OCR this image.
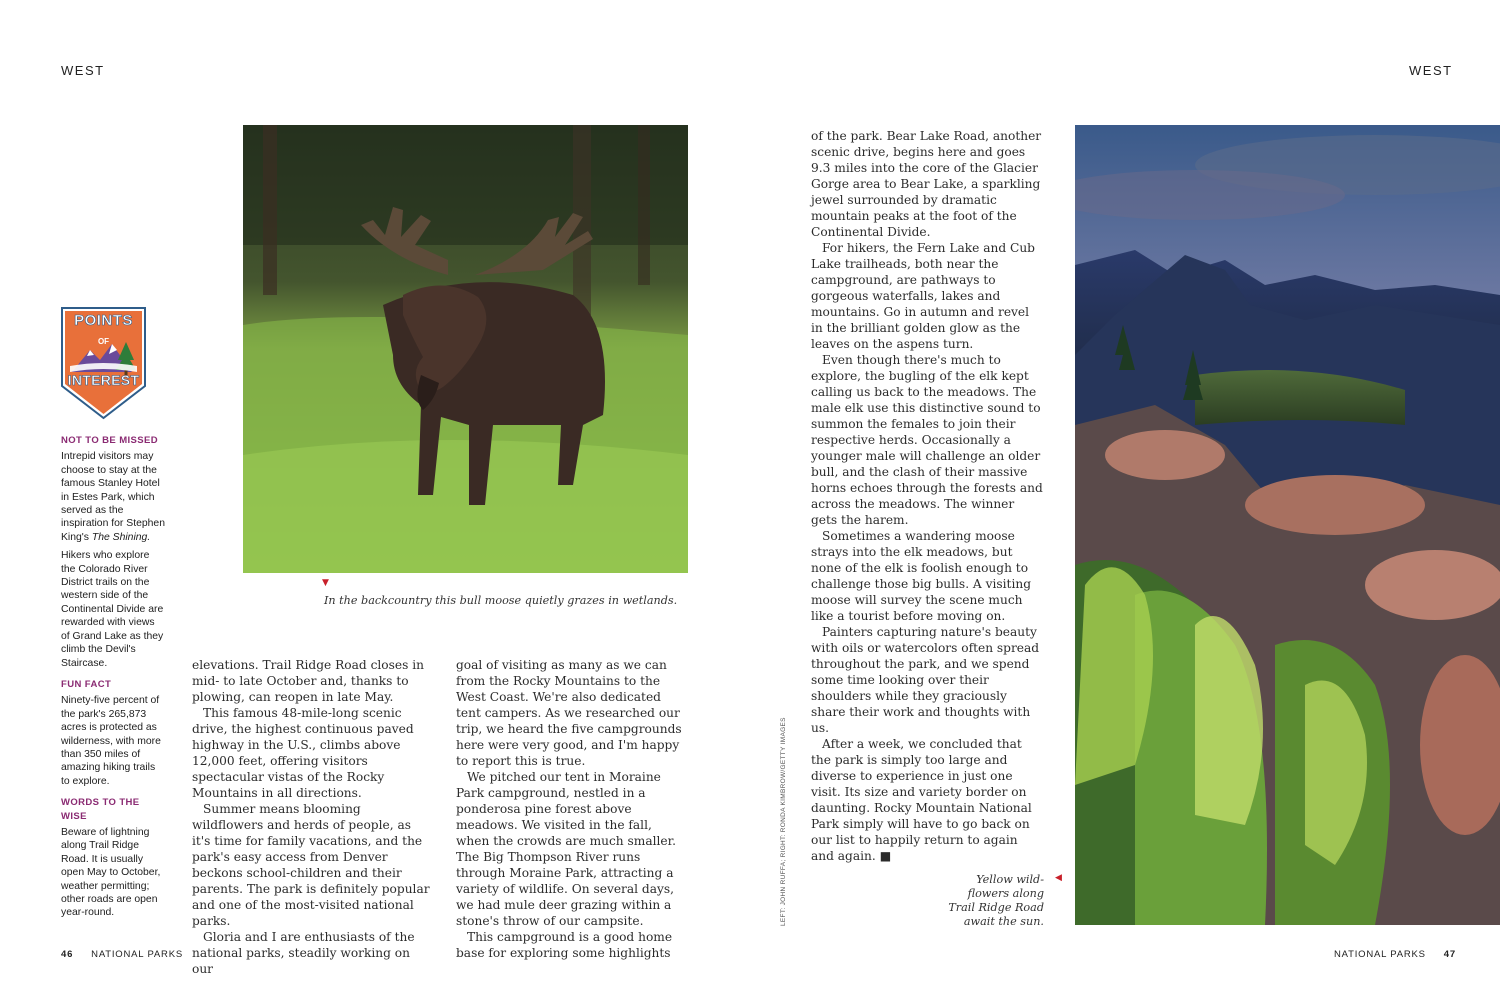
WEST
POINTS
OF
INTEREST
NOT TO BE MISSED

Intrepid visitors may choose to stay at the famous Stanley Hotel in Estes Park, which served as the inspiration for Stephen King's The Shining.

Hikers who explore the Colorado River District trails on the western side of the Continental Divide are rewarded with views of Grand Lake as they climb the Devil's Staircase.

FUN FACT

Ninety-five percent of the park's 265,873 acres is protected as wilderness, with more than 350 miles of amazing hiking trails to explore.

WORDS TO THE WISE

Beware of lightning along Trail Ridge Road. It is usually open May to October, weather permitting; other roads are open year-round.

▼
In the backcountry this bull moose quietly grazes in wetlands.

elevations. Trail Ridge Road closes in mid- to late October and, thanks to plowing, can reopen in late May.

This famous 48-mile-long scenic drive, the highest continuous paved highway in the U.S., climbs above 12,000 feet, offering visitors spectacular vistas of the Rocky Mountains in all directions.

Summer means blooming wildflowers and herds of people, as it's time for family vacations, and the park's easy access from Denver beckons school-children and their parents. The park is definitely popular and one of the most-visited national parks.

Gloria and I are enthusiasts of the national parks, steadily working on our

goal of visiting as many as we can from the Rocky Mountains to the West Coast. We're also dedicated tent campers. As we researched our trip, we heard the five campgrounds here were very good, and I'm happy to report this is true.

We pitched our tent in Moraine Park campground, nestled in a ponderosa pine forest above meadows. We visited in the fall, when the crowds are much smaller. The Big Thompson River runs through Moraine Park, attracting a variety of wildlife. On several days, we had mule deer grazing within a stone's throw of our campsite.

This campground is a good home base for exploring some highlights

46 NATIONAL PARKS
WEST

of the park. Bear Lake Road, another scenic drive, begins here and goes 9.3 miles into the core of the Glacier Gorge area to Bear Lake, a sparkling jewel surrounded by dramatic mountain peaks at the foot of the Continental Divide.

For hikers, the Fern Lake and Cub Lake trailheads, both near the campground, are pathways to gorgeous waterfalls, lakes and mountains. Go in autumn and revel in the brilliant golden glow as the leaves on the aspens turn.

Even though there's much to explore, the bugling of the elk kept calling us back to the meadows. The male elk use this distinctive sound to summon the females to join their respective herds. Occasionally a younger male will challenge an older bull, and the clash of their massive horns echoes through the forests and across the meadows. The winner gets the harem.

Sometimes a wandering moose strays into the elk meadows, but none of the elk is foolish enough to challenge those big bulls. A visiting moose will survey the scene much like a tourist before moving on.

Painters capturing nature's beauty with oils or watercolors often spread throughout the park, and we spend some time looking over their shoulders while they graciously share their work and thoughts with us.

After a week, we concluded that the park is simply too large and diverse to experience in just one visit. Its size and variety border on daunting. Rocky Mountain National Park simply will have to go back on our list to happily return to again and again. ■

LEFT: JOHN RUFFA; RIGHT: RONDA KIMBROW/GETTY IMAGES	Yellow wild-flowers along Trail Ridge Road await the sun.
◀
NATIONAL PARKS 47
